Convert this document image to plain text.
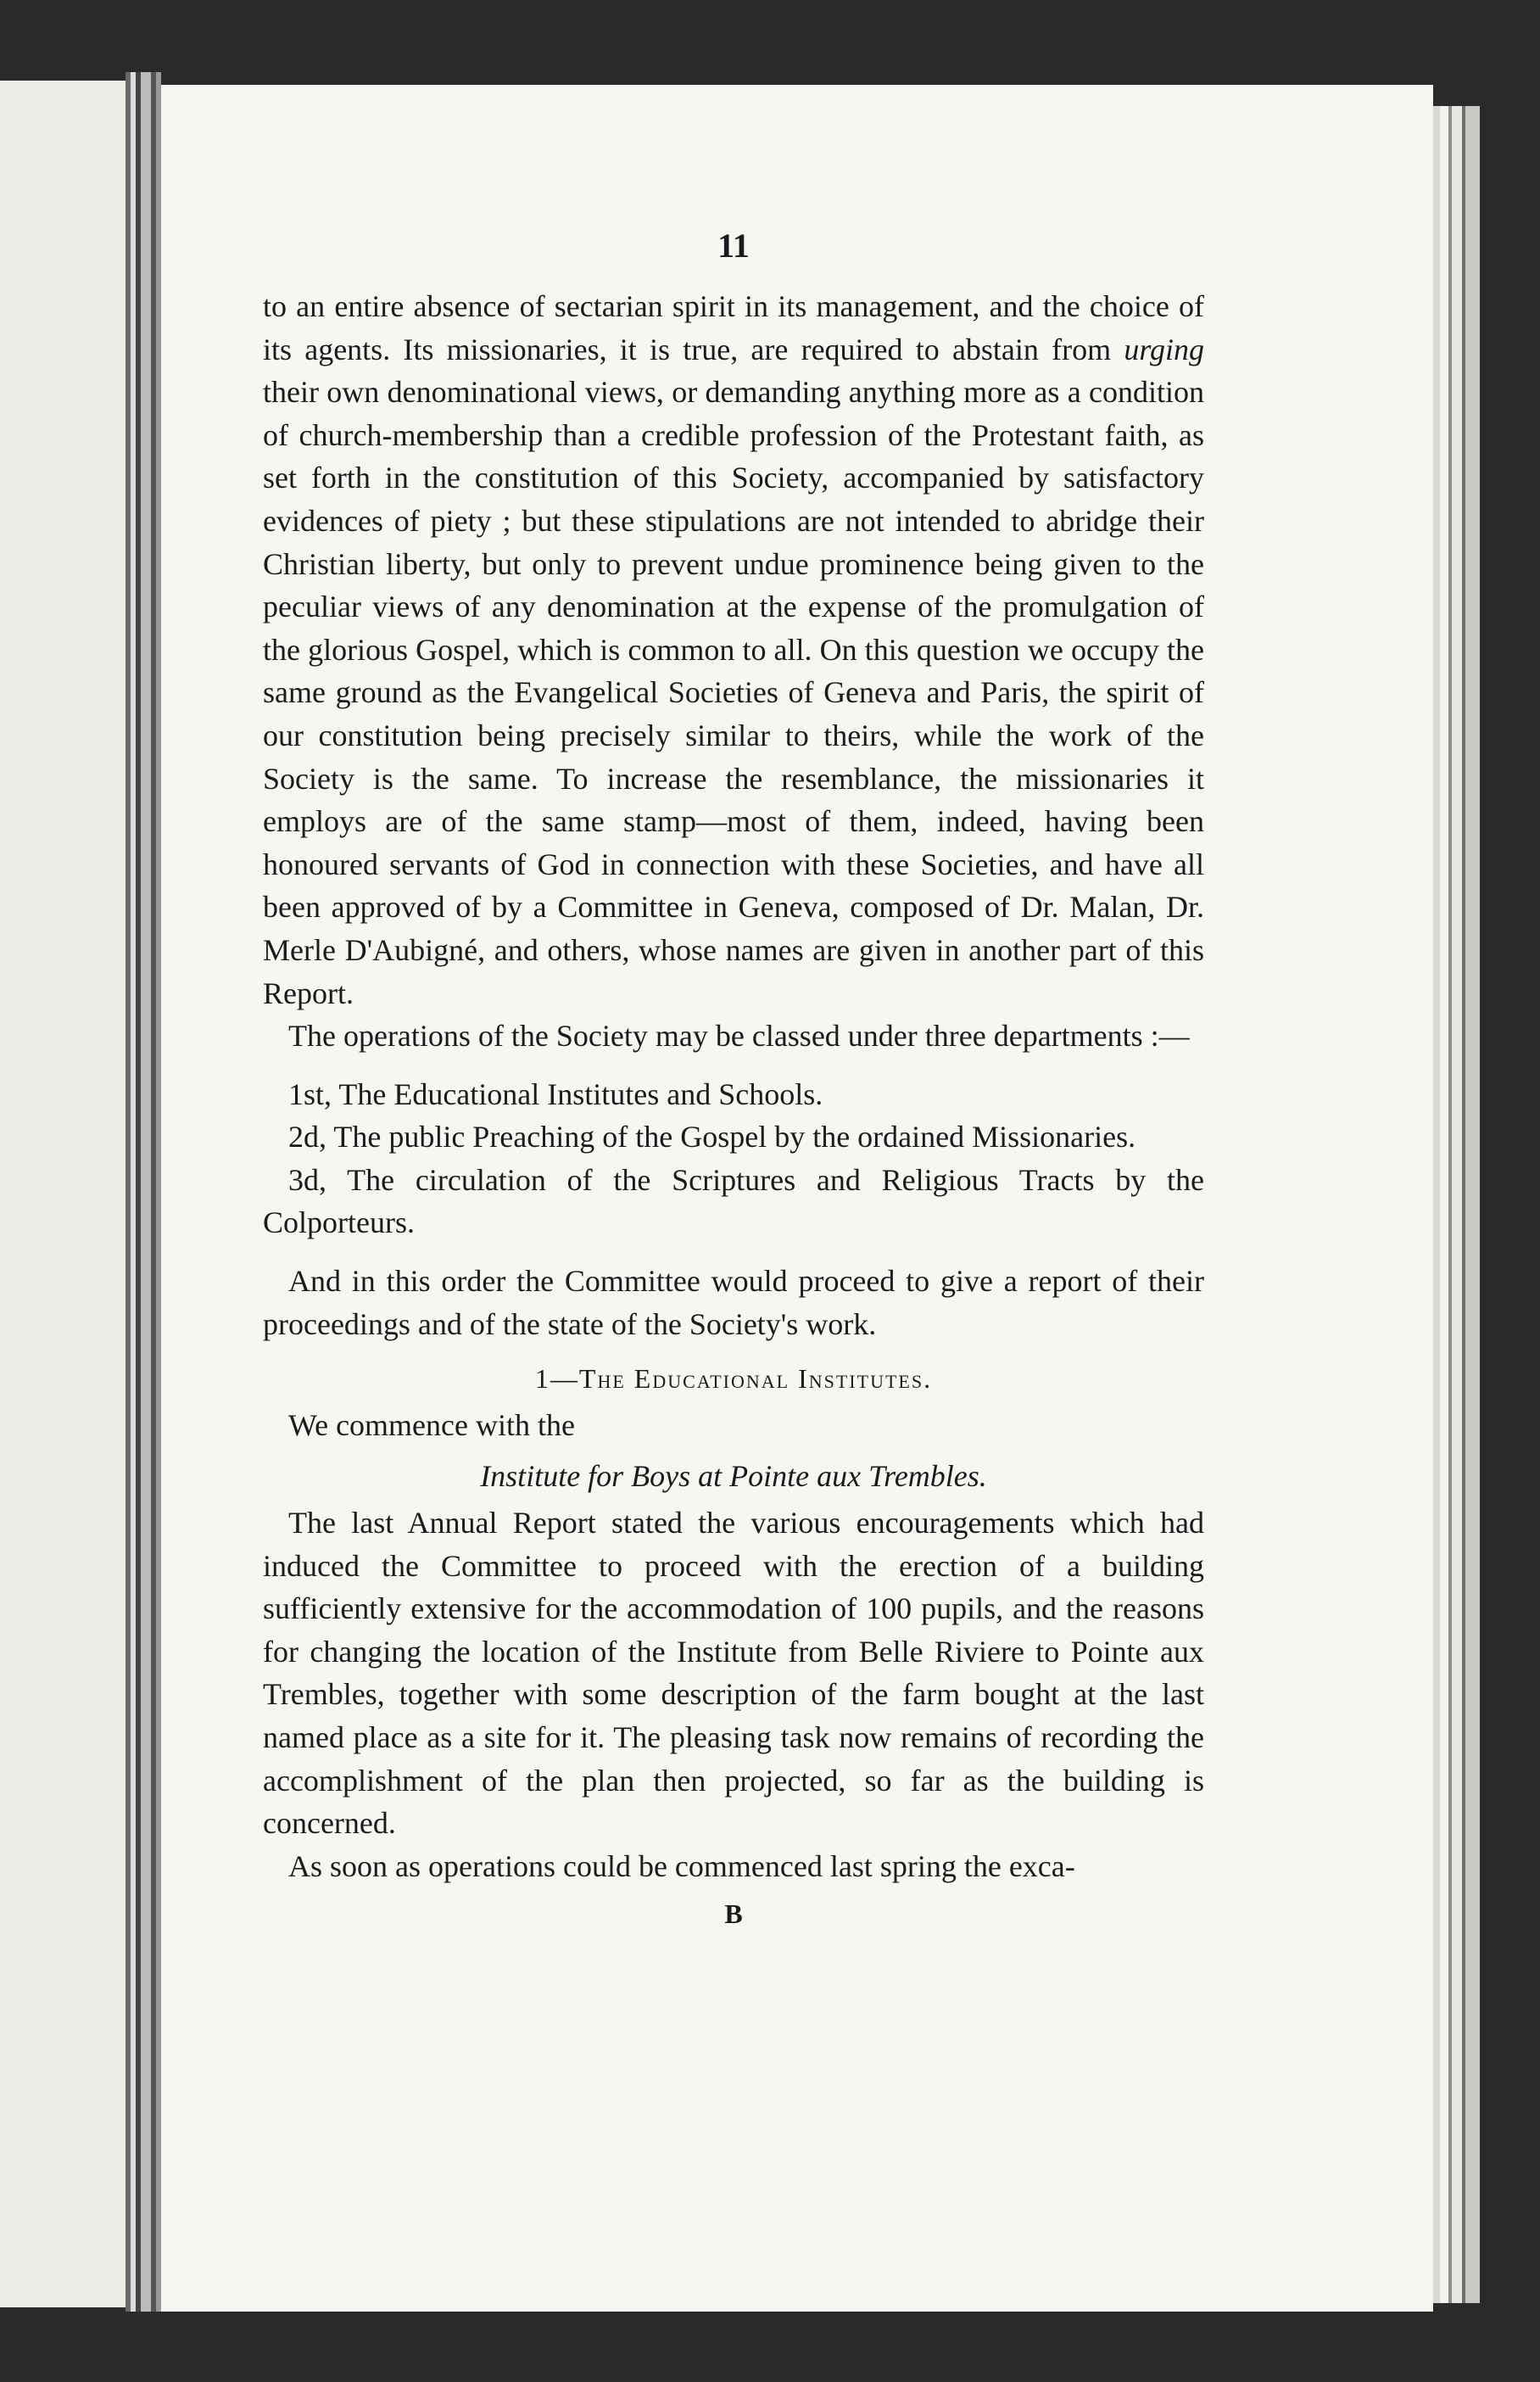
11

to an entire absence of sectarian spirit in its management, and the choice of its agents. Its missionaries, it is true, are required to abstain from urging their own denominational views, or demanding anything more as a condition of church-membership than a credible profession of the Protestant faith, as set forth in the constitution of this Society, accompanied by satisfactory evidences of piety ; but these stipulations are not intended to abridge their Christian liberty, but only to prevent undue prominence being given to the peculiar views of any denomination at the expense of the promulgation of the glorious Gospel, which is common to all. On this question we occupy the same ground as the Evangelical Societies of Geneva and Paris, the spirit of our constitution being precisely similar to theirs, while the work of the Society is the same. To increase the resemblance, the missionaries it employs are of the same stamp—most of them, indeed, having been honoured servants of God in connection with these Societies, and have all been approved of by a Committee in Geneva, composed of Dr. Malan, Dr. Merle D'Aubigné, and others, whose names are given in another part of this Report.

The operations of the Society may be classed under three departments :—

1st, The Educational Institutes and Schools.

2d, The public Preaching of the Gospel by the ordained Missionaries.

3d, The circulation of the Scriptures and Religious Tracts by the Colporteurs.

And in this order the Committee would proceed to give a report of their proceedings and of the state of the Society's work.

1—The Educational Institutes.

We commence with the

Institute for Boys at Pointe aux Trembles.

The last Annual Report stated the various encouragements which had induced the Committee to proceed with the erection of a building sufficiently extensive for the accommodation of 100 pupils, and the reasons for changing the location of the Institute from Belle Riviere to Pointe aux Trembles, together with some description of the farm bought at the last named place as a site for it. The pleasing task now remains of recording the accomplishment of the plan then projected, so far as the building is concerned.

As soon as operations could be commenced last spring the exca-

B
